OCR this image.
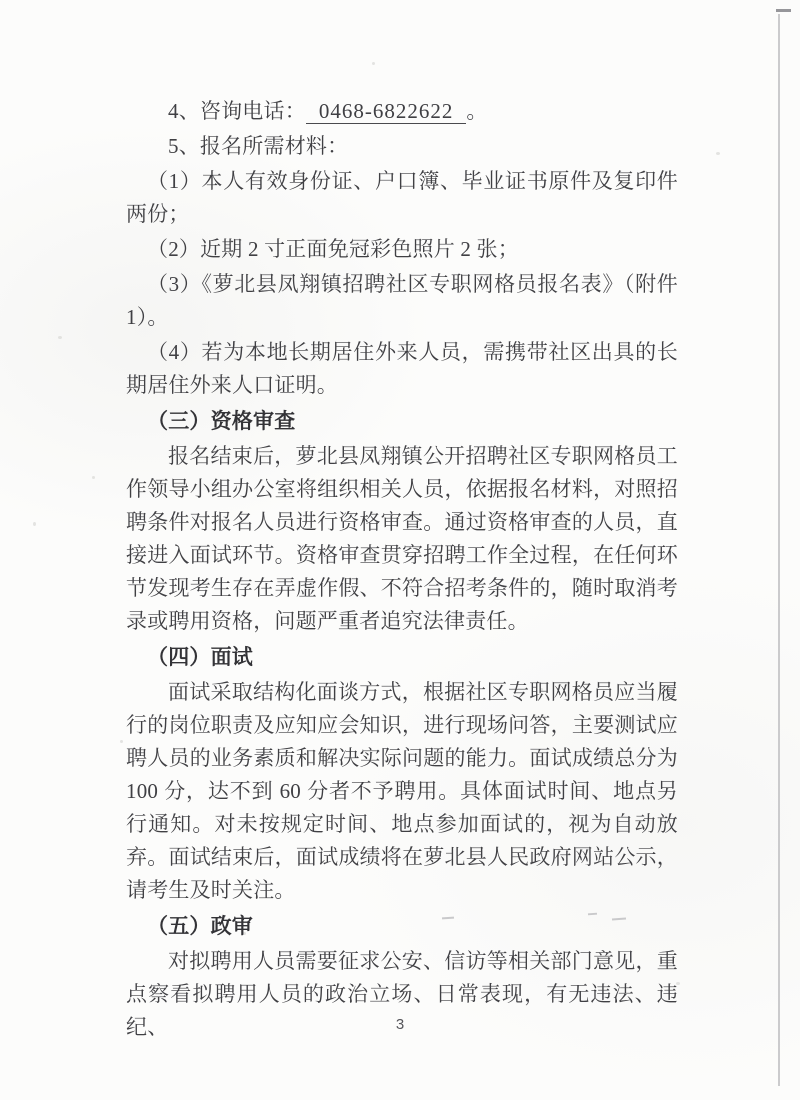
4、咨询电话： 0468-6822622 。

5、报名所需材料：

（1）本人有效身份证、户口簿、毕业证书原件及复印件两份；

（2）近期 2 寸正面免冠彩色照片 2 张；

（3）《萝北县凤翔镇招聘社区专职网格员报名表》（附件 1）。

（4）若为本地长期居住外来人员，需携带社区出具的长期居住外来人口证明。

（三）资格审查

报名结束后，萝北县凤翔镇公开招聘社区专职网格员工作领导小组办公室将组织相关人员，依据报名材料，对照招聘条件对报名人员进行资格审查。通过资格审查的人员，直接进入面试环节。资格审查贯穿招聘工作全过程，在任何环节发现考生存在弄虚作假、不符合招考条件的，随时取消考录或聘用资格，问题严重者追究法律责任。

（四）面试

面试采取结构化面谈方式，根据社区专职网格员应当履行的岗位职责及应知应会知识，进行现场问答，主要测试应聘人员的业务素质和解决实际问题的能力。面试成绩总分为 100 分，达不到 60 分者不予聘用。具体面试时间、地点另行通知。对未按规定时间、地点参加面试的，视为自动放弃。面试结束后，面试成绩将在萝北县人民政府网站公示，请考生及时关注。

（五）政审

对拟聘用人员需要征求公安、信访等相关部门意见，重点察看拟聘用人员的政治立场、日常表现，有无违法、违纪、	3
